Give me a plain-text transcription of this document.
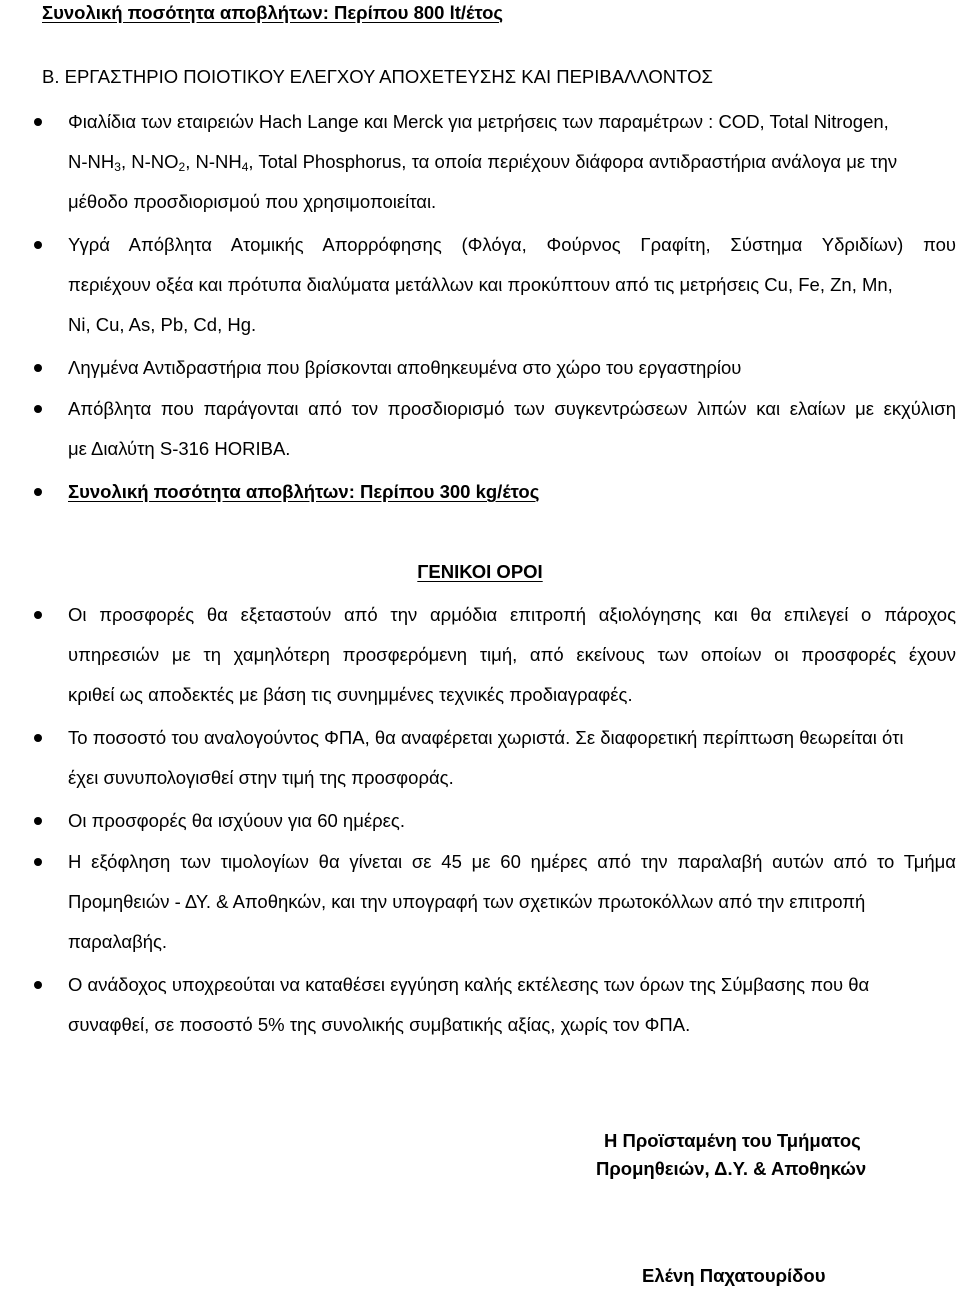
Συνολική ποσότητα αποβλήτων: Περίπου 800 lt/έτος
Β. ΕΡΓΑΣΤΗΡΙΟ ΠΟΙΟΤΙΚΟΥ ΕΛΕΓΧΟΥ ΑΠΟΧΕΤΕΥΣΗΣ ΚΑΙ ΠΕΡΙΒΑΛΛΟΝΤΟΣ
Φιαλίδια των εταιρειών Hach Lange και Merck για μετρήσεις των παραμέτρων : COD, Total Nitrogen,
$N-NH_3$, $N-NO_2$, $N-NH_4$, Total Phosphorus, τα οποία περιέχουν διάφορα αντιδραστήρια ανάλογα με την
μέθοδο προσδιορισμού που χρησιμοποιείται.
Υγρά Απόβλητα Ατομικής Απορρόφησης (Φλόγα, Φούρνος Γραφίτη, Σύστημα Υδριδίων) που
περιέχουν οξέα και πρότυπα διαλύματα μετάλλων και προκύπτουν από τις μετρήσεις Cu, Fe, Zn, Mn,
Ni, Cu, As, Pb, Cd, Hg.
Ληγμένα Αντιδραστήρια που βρίσκονται αποθηκευμένα στο χώρο του εργαστηρίου
Απόβλητα που παράγονται από τον προσδιορισμό των συγκεντρώσεων λιπών και ελαίων με εκχύλιση
με Διαλύτη S-316 HORIBA.
Συνολική ποσότητα αποβλήτων: Περίπου 300 kg/έτος
ΓΕΝΙΚΟΙ ΟΡΟΙ
Οι προσφορές θα εξεταστούν από την αρμόδια επιτροπή αξιολόγησης και θα επιλεγεί ο πάροχος
υπηρεσιών με τη χαμηλότερη προσφερόμενη τιμή, από εκείνους των οποίων οι προσφορές έχουν
κριθεί ως αποδεκτές με βάση τις συνημμένες τεχνικές προδιαγραφές.
Το ποσοστό του αναλογούντος ΦΠΑ, θα αναφέρεται χωριστά. Σε διαφορετική περίπτωση θεωρείται ότι
έχει συνυπολογισθεί στην τιμή της προσφοράς.
Οι προσφορές θα ισχύουν για 60 ημέρες.
Η εξόφληση των τιμολογίων θα γίνεται σε 45 με 60 ημέρες από την παραλαβή αυτών από το Τμήμα
Προμηθειών - ΔΥ. & Αποθηκών, και την υπογραφή των σχετικών πρωτοκόλλων από την επιτροπή
παραλαβής.
Ο ανάδοχος υποχρεούται να καταθέσει εγγύηση καλής εκτέλεσης των όρων της Σύμβασης που θα
συναφθεί, σε ποσοστό 5% της συνολικής συμβατικής αξίας, χωρίς τον ΦΠΑ.
Η Προϊσταμένη του Τμήματος
Προμηθειών, Δ.Υ. & Αποθηκών
Ελένη Παχατουρίδου
